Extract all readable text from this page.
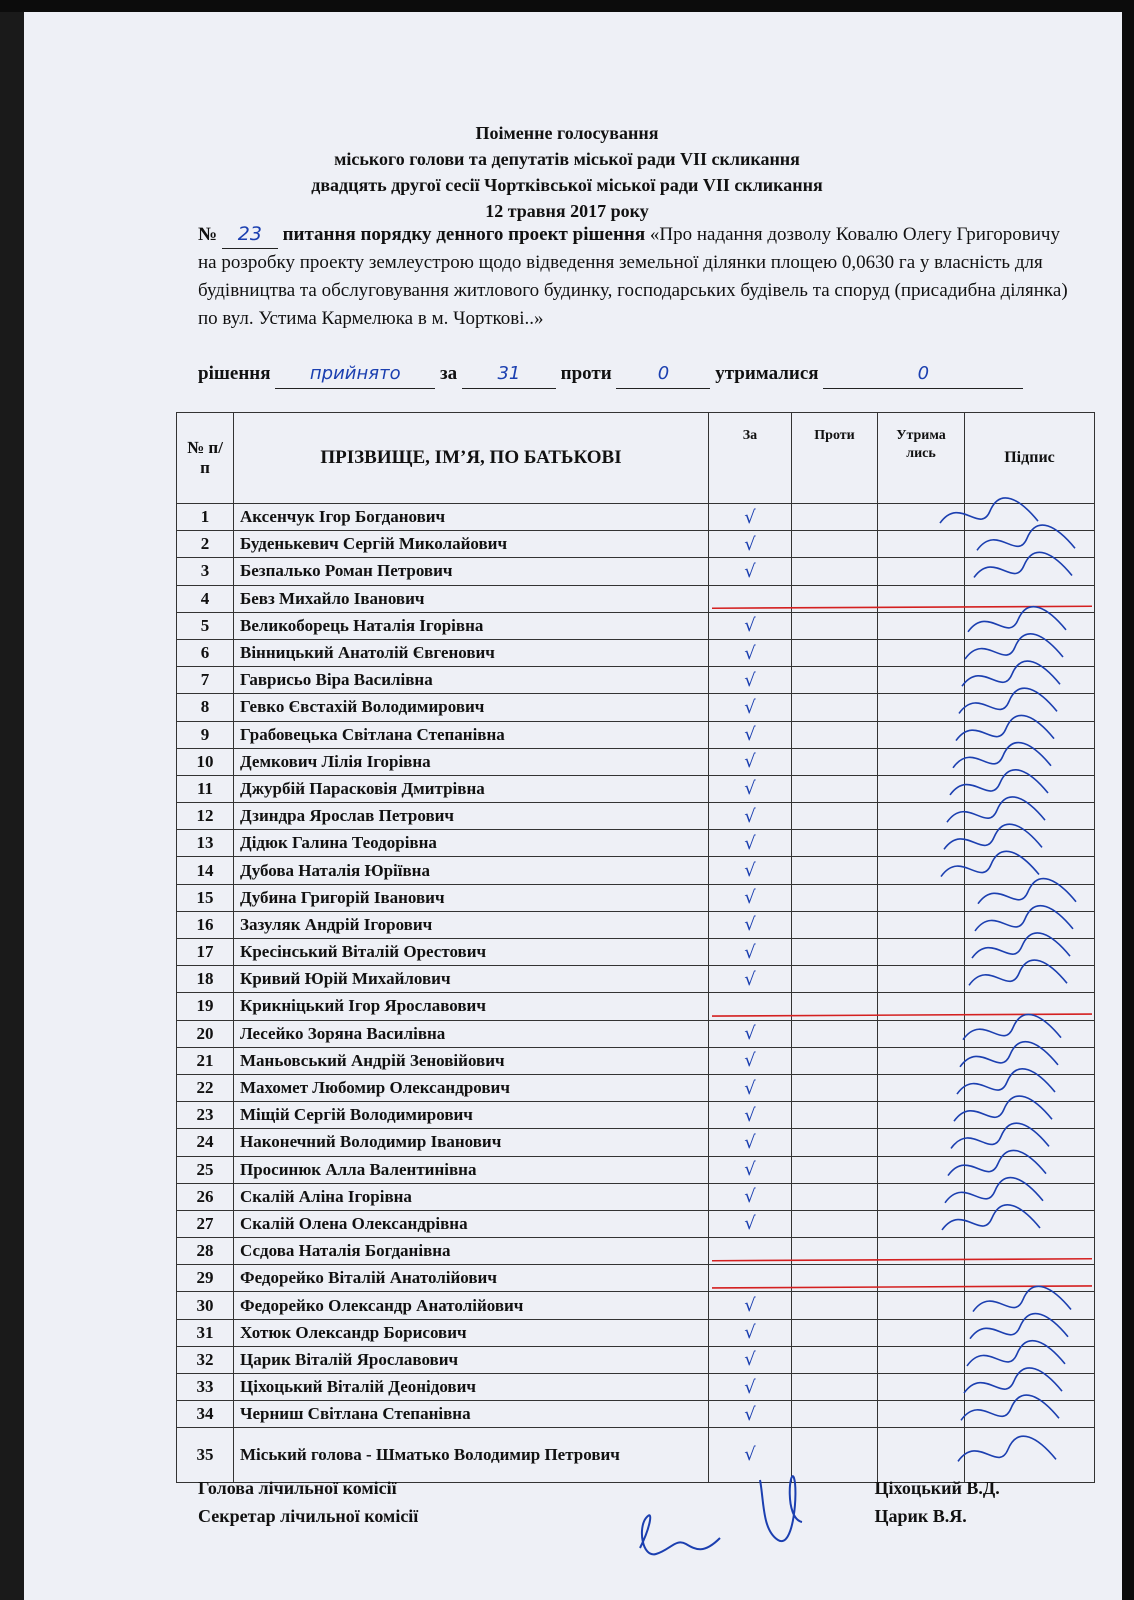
Поіменне голосування
міського голови та депутатів міської ради VII скликання
двадцять другої сесії Чортківської міської ради VII скликання
12 травня 2017 року
№ 23 питання порядку денного проект рішення «Про надання дозволу Ковалю Олегу Григоровичу на розробку проекту землеустрою щодо відведення земельної ділянки площею 0,0630 га у власність для будівництва та обслуговування житлового будинку, господарських будівель та споруд (присадибна ділянка) по вул. Устима Кармелюка в м. Чорткові..»
рішення прийнято за 31 проти	0 утрималися	0
№ п/п	ПРІЗВИЩЕ, ІМ’Я, ПО БАТЬКОВІ	За	Проти	Утрима лись	Підпис
1	Аксенчук Ігор Богданович	√			
2	Буденькевич Сергій Миколайович	√			
3	Безпалько Роман Петрович	√			
4	Бевз Михайло Іванович				
5	Великоборець Наталія Ігорівна	√			
6	Вінницький Анатолій Євгенович	√			
7	Гаврисьо Віра Василівна	√			
8	Гевко Євстахій Володимирович	√			
9	Грабовецька Світлана Степанівна	√			
10	Демкович Лілія Ігорівна	√			
11	Джурбій Парасковія Дмитрівна	√			
12	Дзиндра Ярослав Петрович	√			
13	Дідюк Галина Теодорівна	√			
14	Дубова Наталія Юріївна	√			
15	Дубина Григорій Іванович	√			
16	Зазуляк Андрій Ігорович	√			
17	Кресінський Віталій Орестович	√			
18	Кривий Юрій Михайлович	√			
19	Крикніцький Ігор Ярославович				
20	Лесейко Зоряна Василівна	√			
21	Маньовський Андрій Зеновійович	√			
22	Махомет Любомир Олександрович	√			
23	Міщій Сергій Володимирович	√			
24	Наконечний Володимир Іванович	√			
25	Просинюк Алла Валентинівна	√			
26	Скалій Аліна Ігорівна	√			
27	Скалій Олена Олександрівна	√			
28	Ссдова Наталія Богданівна				
29	Федорейко Віталій Анатолійович				
30	Федорейко Олександр Анатолійович	√			
31	Хотюк Олександр Борисович	√			
32	Царик Віталій Ярославович	√			
33	Ціхоцький Віталій Деонідович	√			
34	Черниш Світлана Степанівна	√			
35	Міський голова - Шматько Володимир Петрович	√			
Голова лічильної комісії	Ціхоцький В.Д.
Секретар лічильної комісії	Царик В.Я.
